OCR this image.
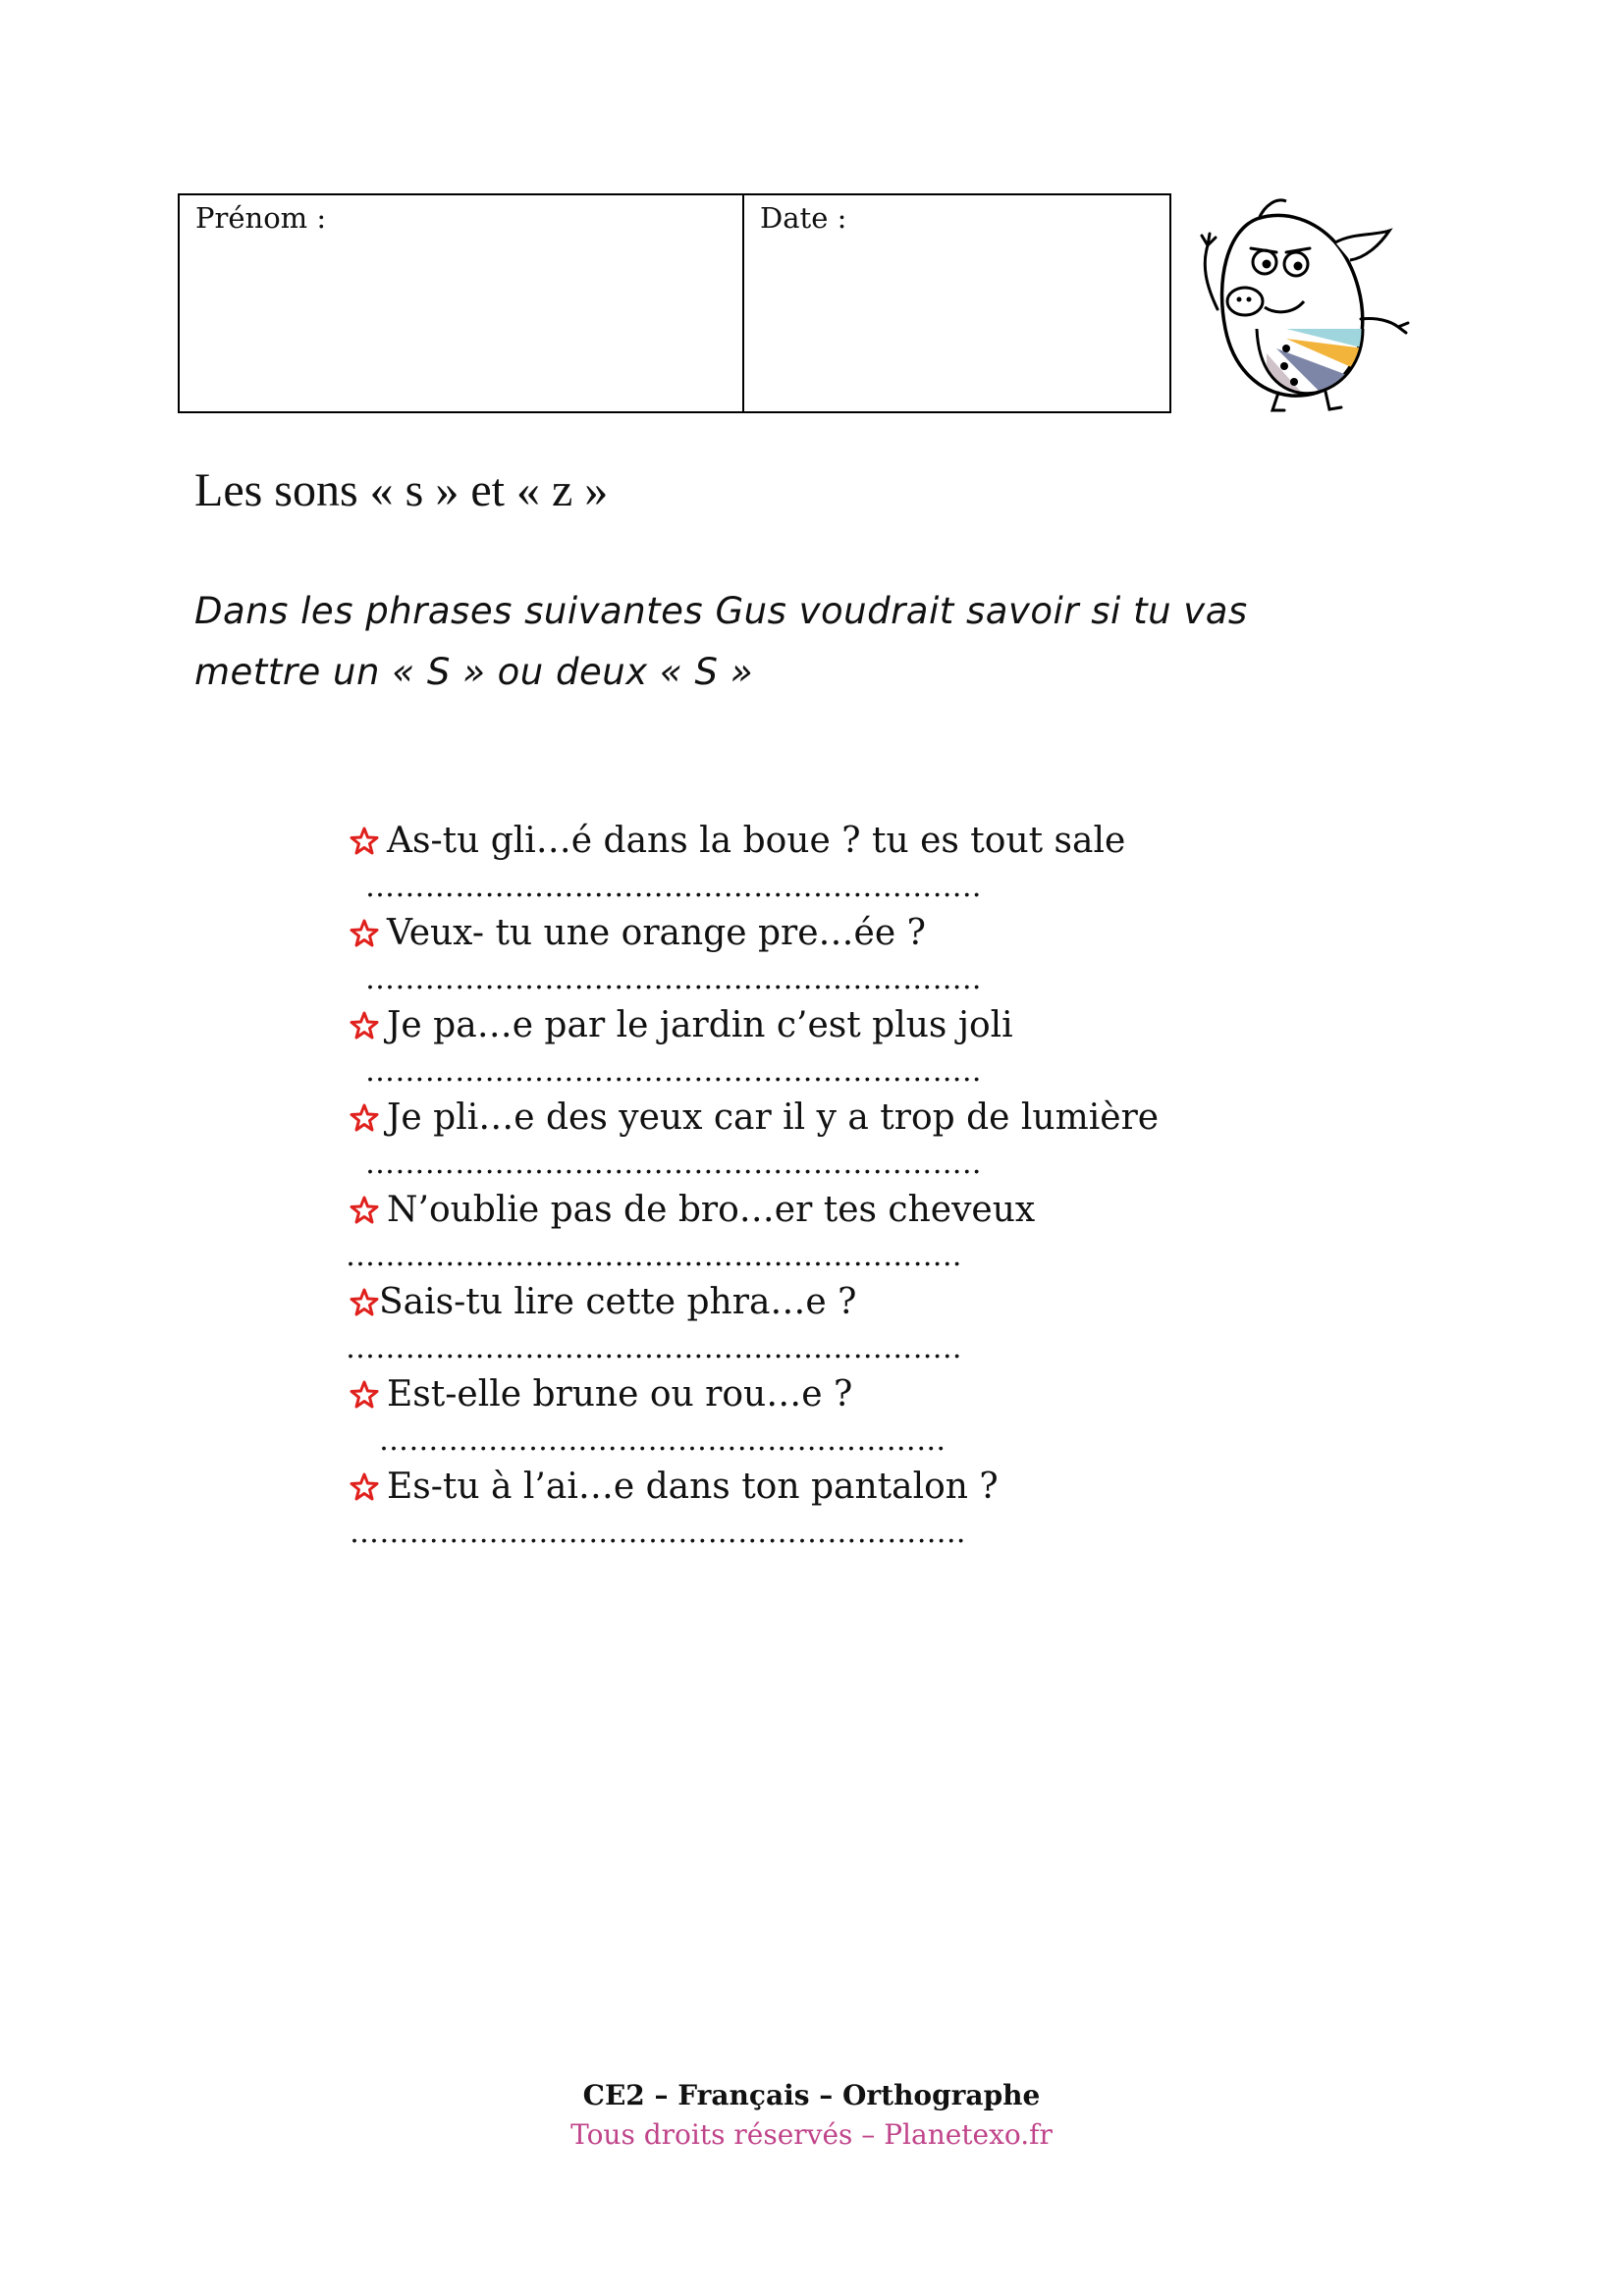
Prénom :	Date :
Les sons « s » et « z »
Dans les phrases suivantes Gus voudrait savoir si tu vas
mettre un « S » ou deux « S »
As-tu gli…é dans la boue ? tu es tout sale
……………………………………………………..
Veux- tu une orange pre…ée ?
……………………………………………………..
Je pa…e par le jardin c’est plus joli
……………………………………………………..
Je pli…e des yeux car il y a trop de lumière
……………………………………………………..
N’oublie pas de bro…er tes cheveux
……………………………………………………..
Sais-tu lire cette phra…e ?
……………………………………………………..
Est-elle brune ou rou…e ?
…………………………………………………
Es-tu à l’ai…e dans ton pantalon ?
……………………………………………………..
CE2 – Français – Orthographe
Tous droits réservés – Planetexo.fr
